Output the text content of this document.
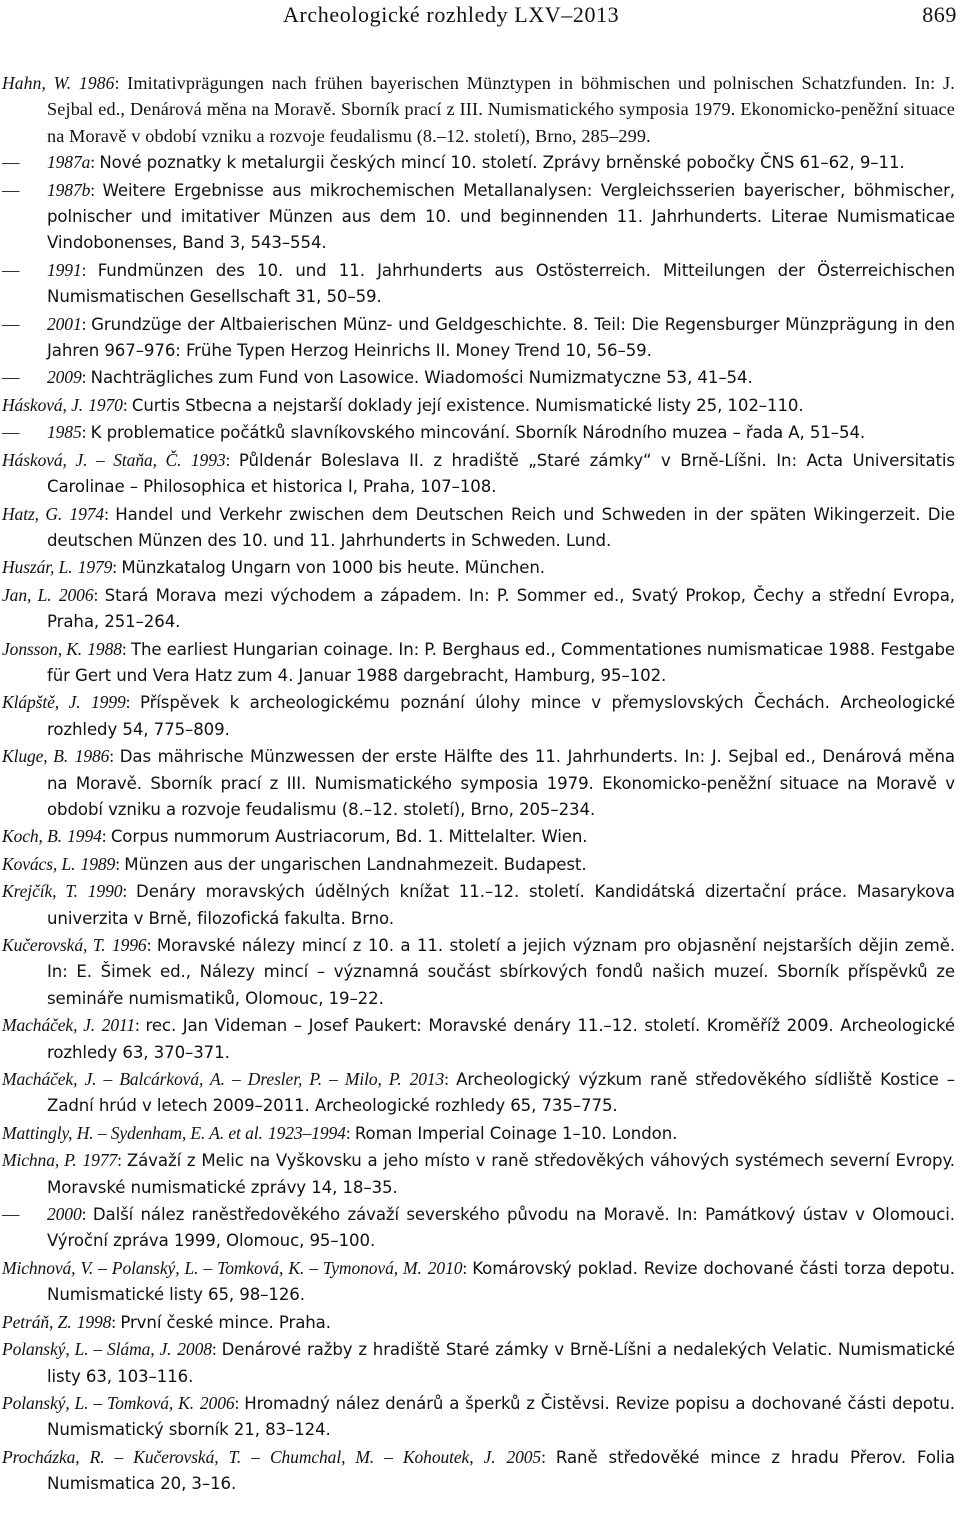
Archeologické rozhledy LXV–2013	869
Hahn, W. 1986: Imitativprägungen nach frühen bayerischen Münztypen in böhmischen und polnischen Schatzfunden. In: J. Sejbal ed., Denárová měna na Moravě. Sborník prací z III. Numismatického symposia 1979. Ekonomicko-peněžní situace na Moravě v období vzniku a rozvoje feudalismu (8.–12. století), Brno, 285–299.
— 1987a: Nové poznatky k metalurgii českých mincí 10. století. Zprávy brněnské pobočky ČNS 61–62, 9–11.
— 1987b: Weitere Ergebnisse aus mikrochemischen Metallanalysen: Vergleichsserien bayerischer, böhmischer, polnischer und imitativer Münzen aus dem 10. und beginnenden 11. Jahrhunderts. Literae Numismaticae Vindobonenses, Band 3, 543–554.
— 1991: Fundmünzen des 10. und 11. Jahrhunderts aus Ostösterreich. Mitteilungen der Österreichischen Numismatischen Gesellschaft 31, 50–59.
— 2001: Grundzüge der Altbaierischen Münz- und Geldgeschichte. 8. Teil: Die Regensburger Münzprägung in den Jahren 967–976: Frühe Typen Herzog Heinrichs II. Money Trend 10, 56–59.
— 2009: Nachträgliches zum Fund von Lasowice. Wiadomości Numizmatyczne 53, 41–54.
Hásková, J. 1970: Curtis Stbecna a nejstarší doklady její existence. Numismatické listy 25, 102–110.
— 1985: K problematice počátků slavníkovského mincování. Sborník Národního muzea – řada A, 51–54.
Hásková, J. – Staňa, Č. 1993: Půldenár Boleslava II. z hradiště „Staré zámky“ v Brně-Líšni. In: Acta Universitatis Carolinae – Philosophica et historica I, Praha, 107–108.
Hatz, G. 1974: Handel und Verkehr zwischen dem Deutschen Reich und Schweden in der späten Wikingerzeit. Die deutschen Münzen des 10. und 11. Jahrhunderts in Schweden. Lund.
Huszár, L. 1979: Münzkatalog Ungarn von 1000 bis heute. München.
Jan, L. 2006: Stará Morava mezi východem a západem. In: P. Sommer ed., Svatý Prokop, Čechy a střední Evropa, Praha, 251–264.
Jonsson, K. 1988: The earliest Hungarian coinage. In: P. Berghaus ed., Commentationes numismaticae 1988. Festgabe für Gert und Vera Hatz zum 4. Januar 1988 dargebracht, Hamburg, 95–102.
Klápště, J. 1999: Příspěvek k archeologickému poznání úlohy mince v přemyslovských Čechách. Archeologické rozhledy 54, 775–809.
Kluge, B. 1986: Das mährische Münzwessen der erste Hälfte des 11. Jahrhunderts. In: J. Sejbal ed., Denárová měna na Moravě. Sborník prací z III. Numismatického symposia 1979. Ekonomicko-peněžní situace na Moravě v období vzniku a rozvoje feudalismu (8.–12. století), Brno, 205–234.
Koch, B. 1994: Corpus nummorum Austriacorum, Bd. 1. Mittelalter. Wien.
Kovács, L. 1989: Münzen aus der ungarischen Landnahmezeit. Budapest.
Krejčík, T. 1990: Denáry moravských údělných knížat 11.–12. století. Kandidátská dizertační práce. Masarykova univerzita v Brně, filozofická fakulta. Brno.
Kučerovská, T. 1996: Moravské nálezy mincí z 10. a 11. století a jejich význam pro objasnění nejstarších dějin země. In: E. Šimek ed., Nálezy mincí – významná součást sbírkových fondů našich muzeí. Sborník příspěvků ze semináře numismatiků, Olomouc, 19–22.
Macháček, J. 2011: rec. Jan Videman – Josef Paukert: Moravské denáry 11.–12. století. Kroměříž 2009. Archeologické rozhledy 63, 370–371.
Macháček, J. – Balcárková, A. – Dresler, P. – Milo, P. 2013: Archeologický výzkum raně středověkého sídliště Kostice – Zadní hrúd v letech 2009–2011. Archeologické rozhledy 65, 735–775.
Mattingly, H. – Sydenham, E. A. et al. 1923–1994: Roman Imperial Coinage 1–10. London.
Michna, P. 1977: Závaží z Melic na Vyškovsku a jeho místo v raně středověkých váhových systémech severní Evropy. Moravské numismatické zprávy 14, 18–35.
— 2000: Další nález raněstředověkého závaží severského původu na Moravě. In: Památkový ústav v Olomouci. Výroční zpráva 1999, Olomouc, 95–100.
Michnová, V. – Polanský, L. – Tomková, K. – Tymonová, M. 2010: Komárovský poklad. Revize dochované části torza depotu. Numismatické listy 65, 98–126.
Petráň, Z. 1998: První české mince. Praha.
Polanský, L. – Sláma, J. 2008: Denárové ražby z hradiště Staré zámky v Brně-Líšni a nedalekých Velatic. Numismatické listy 63, 103–116.
Polanský, L. – Tomková, K. 2006: Hromadný nález denárů a šperků z Čistěvsi. Revize popisu a dochované části depotu. Numismatický sborník 21, 83–124.
Procházka, R. – Kučerovská, T. – Chumchal, M. – Kohoutek, J. 2005: Raně středověké mince z hradu Přerov. Folia Numismatica 20, 3–16.
